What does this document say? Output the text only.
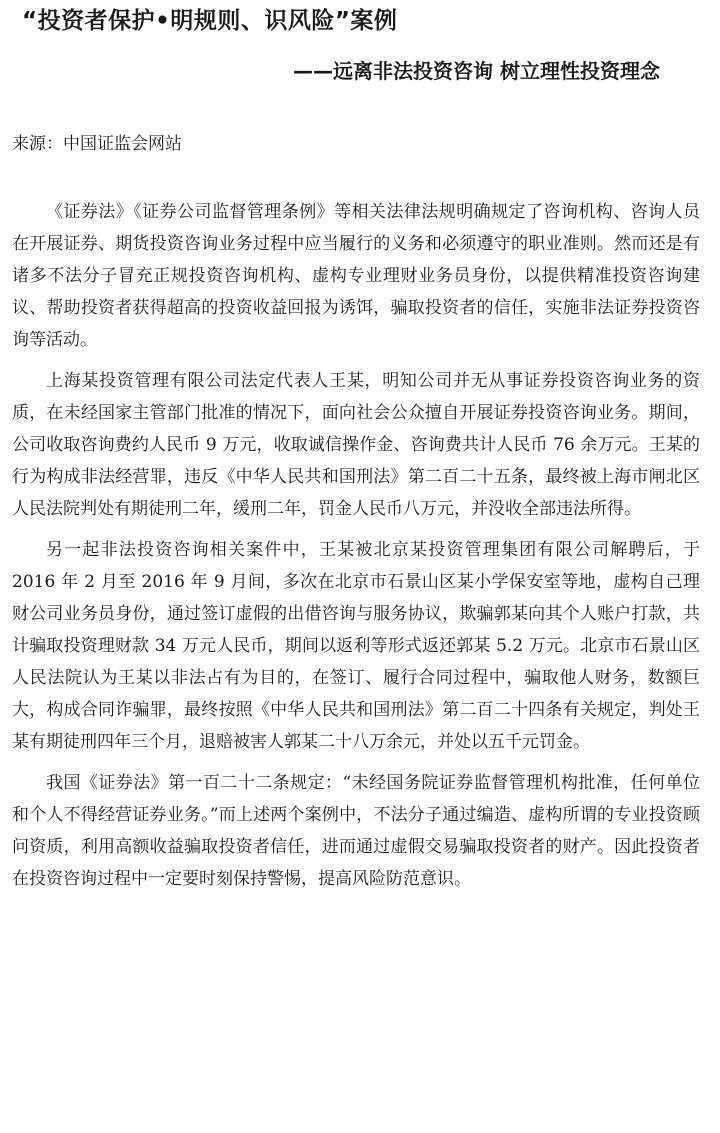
“投资者保护•明规则、识风险”案例
——远离非法投资咨询 树立理性投资理念
来源：中国证监会网站

《证券法》《证券公司监督管理条例》等相关法律法规明确规定了咨询机构、咨询人员在开展证券、期货投资咨询业务过程中应当履行的义务和必须遵守的职业准则。然而还是有诸多不法分子冒充正规投资咨询机构、虚构专业理财业务员身份，以提供精准投资咨询建议、帮助投资者获得超高的投资收益回报为诱饵，骗取投资者的信任，实施非法证券投资咨询等活动。

上海某投资管理有限公司法定代表人王某，明知公司并无从事证券投资咨询业务的资质，在未经国家主管部门批准的情况下，面向社会公众擅自开展证券投资咨询业务。期间，公司收取咨询费约人民币 9 万元，收取诚信操作金、咨询费共计人民币 76 余万元。王某的行为构成非法经营罪，违反《中华人民共和国刑法》第二百二十五条，最终被上海市闸北区人民法院判处有期徒刑二年，缓刑二年，罚金人民币八万元，并没收全部违法所得。

另一起非法投资咨询相关案件中，王某被北京某投资管理集团有限公司解聘后，于 2016 年 2 月至 2016 年 9 月间，多次在北京市石景山区某小学保安室等地，虚构自己理财公司业务员身份，通过签订虚假的出借咨询与服务协议，欺骗郭某向其个人账户打款，共计骗取投资理财款 34 万元人民币，期间以返利等形式返还郭某 5.2 万元。北京市石景山区人民法院认为王某以非法占有为目的，在签订、履行合同过程中，骗取他人财务，数额巨大，构成合同诈骗罪，最终按照《中华人民共和国刑法》第二百二十四条有关规定，判处王某有期徒刑四年三个月，退赔被害人郭某二十八万余元，并处以五千元罚金。

我国《证券法》第一百二十二条规定：“未经国务院证券监督管理机构批准，任何单位和个人不得经营证券业务。”而上述两个案例中，不法分子通过编造、虚构所谓的专业投资顾问资质，利用高额收益骗取投资者信任，进而通过虚假交易骗取投资者的财产。因此投资者在投资咨询过程中一定要时刻保持警惕，提高风险防范意识。
